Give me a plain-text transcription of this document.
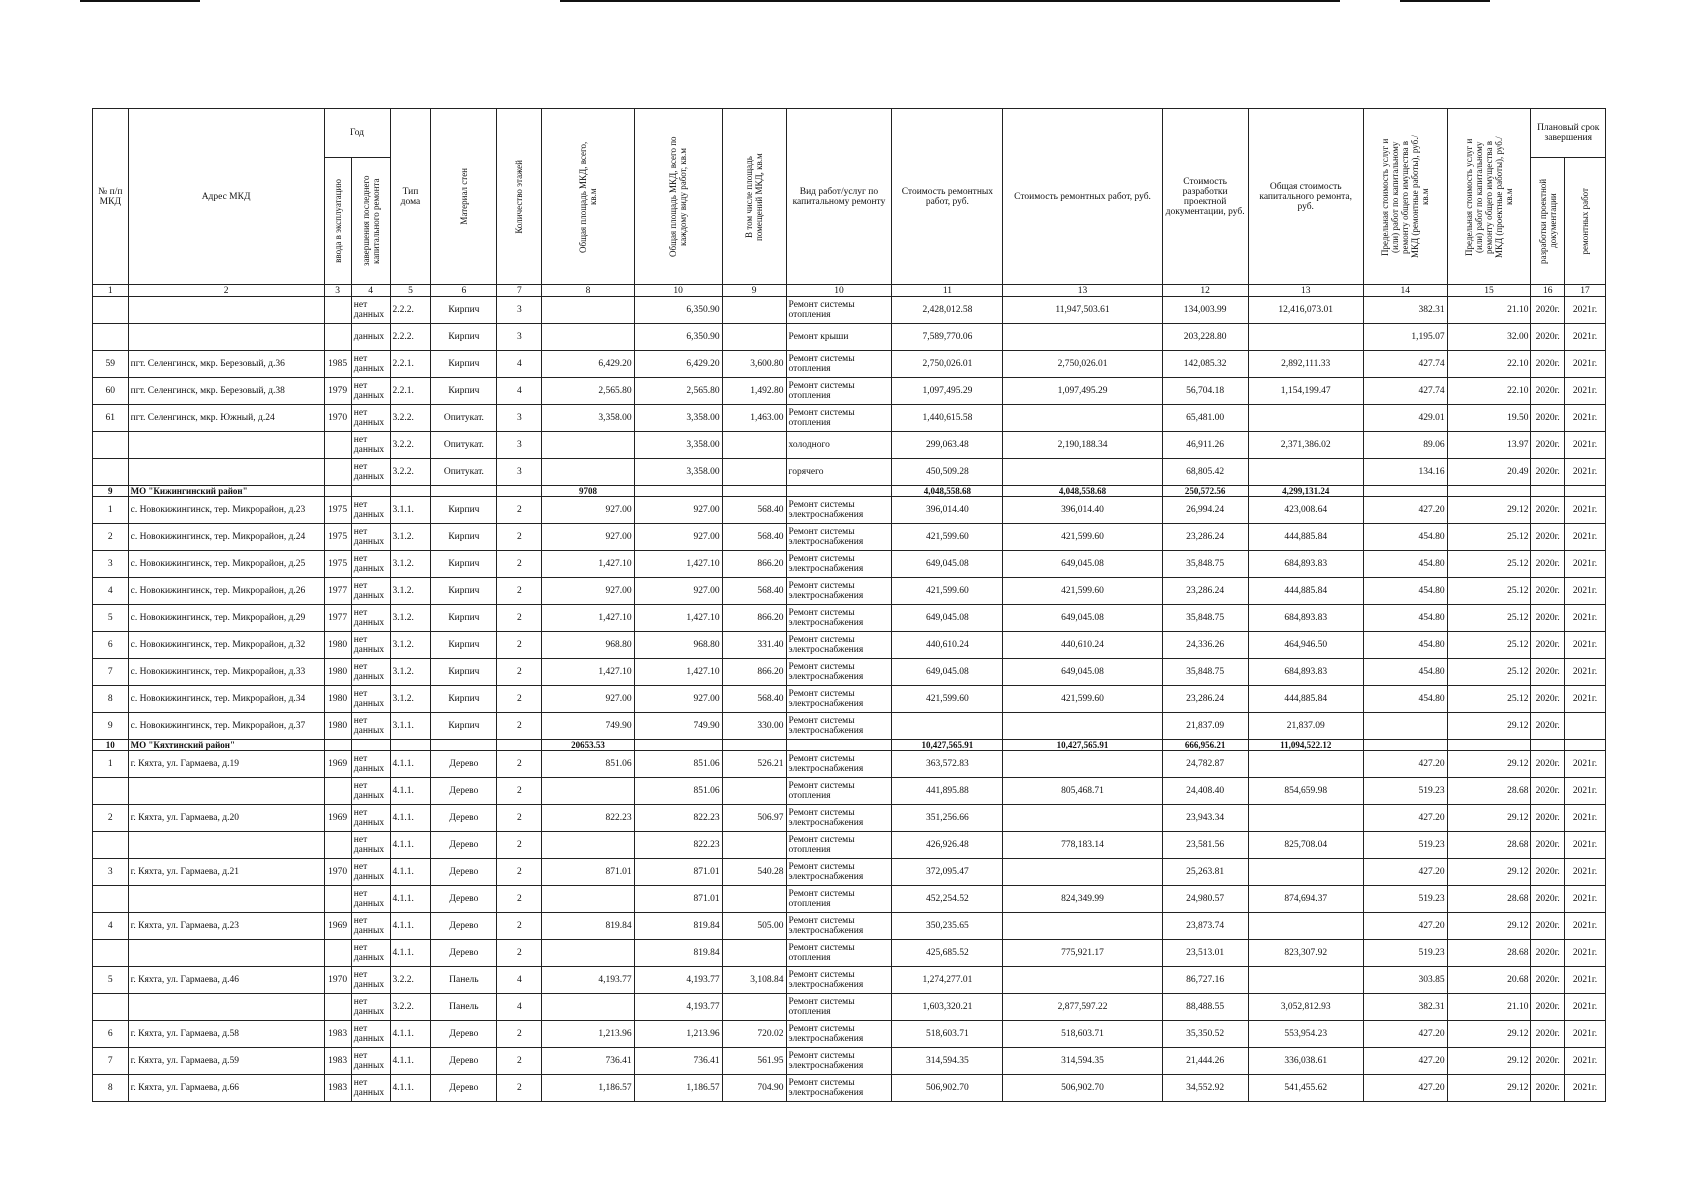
№ п/п МКД	Адрес МКД	Год		Тип дома	Материал стен	Количество этажей	Общая площадь МКД, всего, кв.м	Общая площадь МКД, всего по каждому виду работ, кв.м	В том числе площадь помещений МКД, кв.м	Вид работ/услуг по капитальному ремонту	Стоимость ремонтных работ, руб.	Стоимость ремонтных работ, руб.	Стоимость разработки проектной документации, руб.	Общая стоимость капитального ремонта, руб.	Предельная стоимость услуг и (или) работ по капитальному ремонту общего имущества в МКД (ремонтные работы), руб./кв.м	Предельная стоимость услуг и (или) работ по капитальному ремонту общего имущества в МКД (проектные работы), руб./кв.м	Плановый срок завершения	

		ввода в эксплуатацию	завершения последнего капитального ремонта														разработки проектной документации	ремонтных работ

1	2	3	4	5	6	7	8	10	9	10	11	13	12	13	14	15	16	17
			нет данных	2.2.2.	Кирпич	3		6,350.90		Ремонт системы отопления	2,428,012.58	11,947,503.61	134,003.99	12,416,073.01	382.31	21.10	2020г.	2021г.
			данных	2.2.2.	Кирпич	3		6,350.90		Ремонт крыши	7,589,770.06		203,228.80		1,195.07	32.00	2020г.	2021г.
59	пгт. Селенгинск, мкр. Березовый, д.36	1985	нет данных	2.2.1.	Кирпич	4	6,429.20	6,429.20	3,600.80	Ремонт системы отопления	2,750,026.01	2,750,026.01	142,085.32	2,892,111.33	427.74	22.10	2020г.	2021г.
60	пгт. Селенгинск, мкр. Березовый, д.38	1979	нет данных	2.2.1.	Кирпич	4	2,565.80	2,565.80	1,492.80	Ремонт системы отопления	1,097,495.29	1,097,495.29	56,704.18	1,154,199.47	427.74	22.10	2020г.	2021г.
61	пгт. Селенгинск, мкр. Южный, д.24	1970	нет данных	3.2.2.	Опитукат.	3	3,358.00	3,358.00	1,463.00	Ремонт системы отопления	1,440,615.58		65,481.00		429.01	19.50	2020г.	2021г.
			нет данных	3.2.2.	Опитукат.	3		3,358.00		холодного	299,063.48	2,190,188.34	46,911.26	2,371,386.02	89.06	13.97	2020г.	2021г.
			нет данных	3.2.2.	Опитукат.	3		3,358.00		горячего	450,509.28		68,805.42		134.16	20.49	2020г.	2021г.
9	МО "Кижингинский район"						9708				4,048,558.68	4,048,558.68	250,572.56	4,299,131.24				
1	с. Новокижингинск, тер. Микрорайон, д.23	1975	нет данных	3.1.1.	Кирпич	2	927.00	927.00	568.40	Ремонт системы электроснабжения	396,014.40	396,014.40	26,994.24	423,008.64	427.20	29.12	2020г.	2021г.
2	с. Новокижингинск, тер. Микрорайон, д.24	1975	нет данных	3.1.2.	Кирпич	2	927.00	927.00	568.40	Ремонт системы электроснабжения	421,599.60	421,599.60	23,286.24	444,885.84	454.80	25.12	2020г.	2021г.
3	с. Новокижингинск, тер. Микрорайон, д.25	1975	нет данных	3.1.2.	Кирпич	2	1,427.10	1,427.10	866.20	Ремонт системы электроснабжения	649,045.08	649,045.08	35,848.75	684,893.83	454.80	25.12	2020г.	2021г.
4	с. Новокижингинск, тер. Микрорайон, д.26	1977	нет данных	3.1.2.	Кирпич	2	927.00	927.00	568.40	Ремонт системы электроснабжения	421,599.60	421,599.60	23,286.24	444,885.84	454.80	25.12	2020г.	2021г.
5	с. Новокижингинск, тер. Микрорайон, д.29	1977	нет данных	3.1.2.	Кирпич	2	1,427.10	1,427.10	866.20	Ремонт системы электроснабжения	649,045.08	649,045.08	35,848.75	684,893.83	454.80	25.12	2020г.	2021г.
6	с. Новокижингинск, тер. Микрорайон, д.32	1980	нет данных	3.1.2.	Кирпич	2	968.80	968.80	331.40	Ремонт системы электроснабжения	440,610.24	440,610.24	24,336.26	464,946.50	454.80	25.12	2020г.	2021г.
7	с. Новокижингинск, тер. Микрорайон, д.33	1980	нет данных	3.1.2.	Кирпич	2	1,427.10	1,427.10	866.20	Ремонт системы электроснабжения	649,045.08	649,045.08	35,848.75	684,893.83	454.80	25.12	2020г.	2021г.
8	с. Новокижингинск, тер. Микрорайон, д.34	1980	нет данных	3.1.2.	Кирпич	2	927.00	927.00	568.40	Ремонт системы электроснабжения	421,599.60	421,599.60	23,286.24	444,885.84	454.80	25.12	2020г.	2021г.
9	с. Новокижингинск, тер. Микрорайон, д.37	1980	нет данных	3.1.1.	Кирпич	2	749.90	749.90	330.00	Ремонт системы электроснабжения			21,837.09	21,837.09		29.12	2020г.	
10	МО "Кяхтинский район"						20653.53				10,427,565.91	10,427,565.91	666,956.21	11,094,522.12				
1	г. Кяхта, ул. Гармаева, д.19	1969	нет данных	4.1.1.	Дерево	2	851.06	851.06	526.21	Ремонт системы электроснабжения	363,572.83		24,782.87		427.20	29.12	2020г.	2021г.
			нет данных	4.1.1.	Дерево	2		851.06		Ремонт системы отопления	441,895.88	805,468.71	24,408.40	854,659.98	519.23	28.68	2020г.	2021г.
2	г. Кяхта, ул. Гармаева, д.20	1969	нет данных	4.1.1.	Дерево	2	822.23	822.23	506.97	Ремонт системы электроснабжения	351,256.66		23,943.34		427.20	29.12	2020г.	2021г.
			нет данных	4.1.1.	Дерево	2		822.23		Ремонт системы отопления	426,926.48	778,183.14	23,581.56	825,708.04	519.23	28.68	2020г.	2021г.
3	г. Кяхта, ул. Гармаева, д.21	1970	нет данных	4.1.1.	Дерево	2	871.01	871.01	540.28	Ремонт системы электроснабжения	372,095.47		25,263.81		427.20	29.12	2020г.	2021г.
			нет данных	4.1.1.	Дерево	2		871.01		Ремонт системы отопления	452,254.52	824,349.99	24,980.57	874,694.37	519.23	28.68	2020г.	2021г.
4	г. Кяхта, ул. Гармаева, д.23	1969	нет данных	4.1.1.	Дерево	2	819.84	819.84	505.00	Ремонт системы электроснабжения	350,235.65		23,873.74		427.20	29.12	2020г.	2021г.
			нет данных	4.1.1.	Дерево	2		819.84		Ремонт системы отопления	425,685.52	775,921.17	23,513.01	823,307.92	519.23	28.68	2020г.	2021г.
5	г. Кяхта, ул. Гармаева, д.46	1970	нет данных	3.2.2.	Панель	4	4,193.77	4,193.77	3,108.84	Ремонт системы электроснабжения	1,274,277.01		86,727.16		303.85	20.68	2020г.	2021г.
			нет данных	3.2.2.	Панель	4		4,193.77		Ремонт системы отопления	1,603,320.21	2,877,597.22	88,488.55	3,052,812.93	382.31	21.10	2020г.	2021г.
6	г. Кяхта, ул. Гармаева, д.58	1983	нет данных	4.1.1.	Дерево	2	1,213.96	1,213.96	720.02	Ремонт системы электроснабжения	518,603.71	518,603.71	35,350.52	553,954.23	427.20	29.12	2020г.	2021г.
7	г. Кяхта, ул. Гармаева, д.59	1983	нет данных	4.1.1.	Дерево	2	736.41	736.41	561.95	Ремонт системы электроснабжения	314,594.35	314,594.35	21,444.26	336,038.61	427.20	29.12	2020г.	2021г.
8	г. Кяхта, ул. Гармаева, д.66	1983	нет данных	4.1.1.	Дерево	2	1,186.57	1,186.57	704.90	Ремонт системы электроснабжения	506,902.70	506,902.70	34,552.92	541,455.62	427.20	29.12	2020г.	2021г.
